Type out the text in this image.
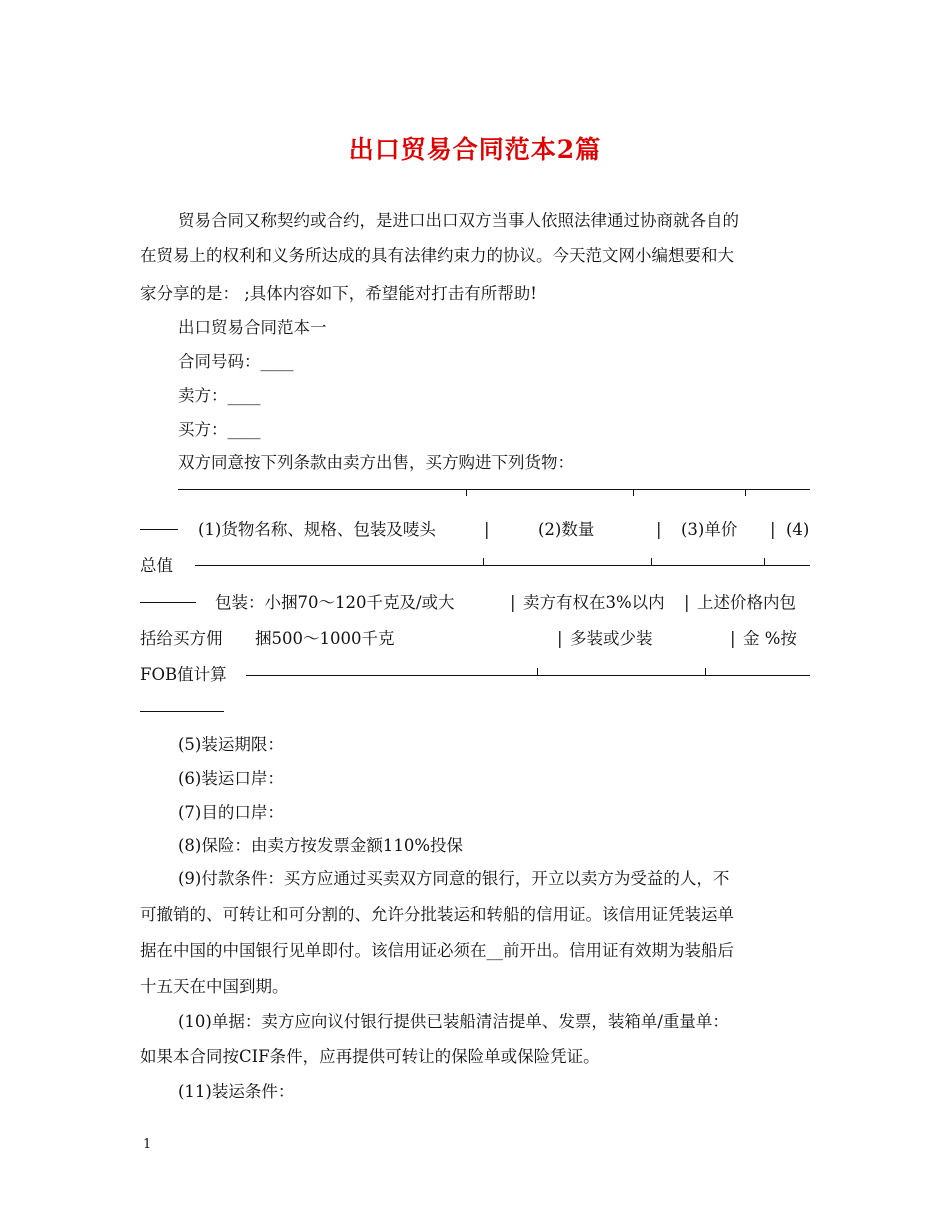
出口贸易合同范本2篇
贸易合同又称契约或合约，是进口出口双方当事人依照法律通过协商就各自的
在贸易上的权利和义务所达成的具有法律约束力的协议。今天范文网小编想要和大
家分享的是： ;具体内容如下，希望能对打击有所帮助!
出口贸易合同范本一
合同号码：____
卖方：____
买方：____
双方同意按下列条款由卖方出售，买方购进下列货物：
(1)货物名称、规格、包装及唛头	|	(2)数量	| (3)单价 | (4)
总值
包装：小捆70～120千克及/或大	| 卖方有权在3%以内 | 上述价格内包
括给买方佣 捆500～1000千克	| 多装或少装	| 金 %按
FOB值计算
(5)装运期限：
(6)装运口岸：
(7)目的口岸：
(8)保险：由卖方按发票金额110%投保
(9)付款条件：买方应通过买卖双方同意的银行，开立以卖方为受益的人，不
可撤销的、可转让和可分割的、允许分批装运和转船的信用证。该信用证凭装运单
据在中国的中国银行见单即付。该信用证必须在__前开出。信用证有效期为装船后
十五天在中国到期。
(10)单据：卖方应向议付银行提供已装船清洁提单、发票，装箱单/重量单：
如果本合同按CIF条件，应再提供可转让的保险单或保险凭证。
(11)装运条件：
1
